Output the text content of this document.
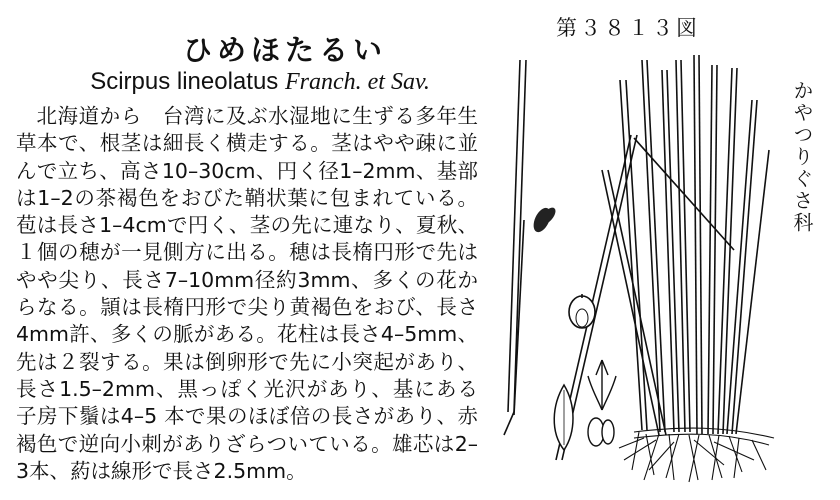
ひめほたるい
Scirpus lineolatus Franch. et Sav.
北海道から　台湾に及ぶ水湿地に生ずる多年生草本で、根茎は細長く横走する。茎はやや疎に並んで立ち、高さ10–30cm、円く径1–2mm、基部は1–2の茶褐色をおびた鞘状葉に包まれている。苞は長さ1–4cmで円く、茎の先に連なり、夏秋、１個の穂が一見側方に出る。穂は長楕円形で先はやや尖り、長さ7–10mm径約3mm、多くの花からなる。頴は長楕円形で尖り黄褐色をおび、長さ4mm許、多くの脈がある。花柱は長さ4–5mm、先は２裂する。果は倒卵形で先に小突起があり、長さ1.5–2mm、黒っぽく光沢があり、基にある子房下鬚は4–5 本で果のほぼ倍の長さがあり、赤褐色で逆向小刺がありざらついている。雄芯は2–3本、葯は線形で長さ2.5mm。
第３８１３図
かやつりぐさ科
